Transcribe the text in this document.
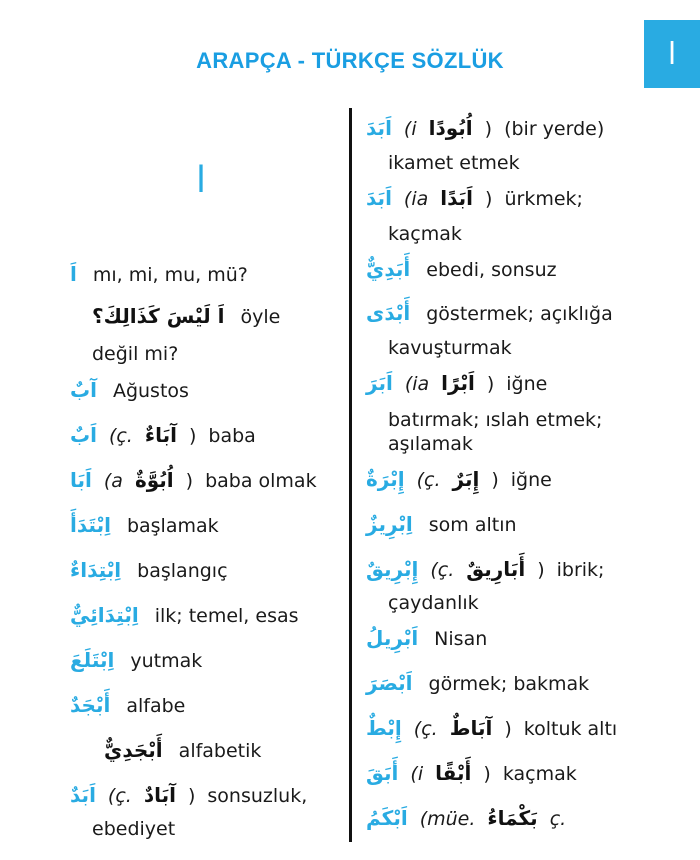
ARAPÇA - TÜRKÇE SÖZLÜK	ا
ا
اَ mı, mi, mu, mü?
اَ لَيْسَ كَذَالِكَ؟ öyle
değil mi?
آبٌ Ağustos
اَبٌ (ç. آبَاءٌ ) baba
اَبَا (a اُبُوَّةٌ ) baba olmak
اِبْتَدَأَ başlamak
اِبْتِدَاءٌ başlangıç
اِبْتِدَائِيٌّ ilk; temel, esas
اِبْتَلَعَ yutmak
أَبْجَدٌ alfabe
أَبْجَدِيٌّ alfabetik
اَبَدٌ (ç. آبَادٌ ) sonsuzluk,
ebediyet
اَبَدَ (i اُبُودًا ) (bir yerde)
ikamet etmek
اَبَدَ (ia اَبَدًا ) ürkmek;
kaçmak
أَبَدِيٌّ ebedi, sonsuz
أَبْدَى göstermek; açıklığa
kavuşturmak
اَبَرَ (ia اَبْرًا ) iğne
batırmak; ıslah etmek;
aşılamak
إِبْرَةٌ (ç. إِبَرٌ ) iğne
اِبْرِيزٌ som altın
إِبْرِيقٌ (ç. أَبَارِيقٌ ) ibrik;
çaydanlık
اَبْرِيلُ Nisan
اَبْصَرَ görmek; bakmak
إِبْطٌ (ç. آبَاطٌ ) koltuk altı
أَبَقَ (i أَبْقًا ) kaçmak
اَبْكَمُ (müe. بَكْمَاءُ ç.
